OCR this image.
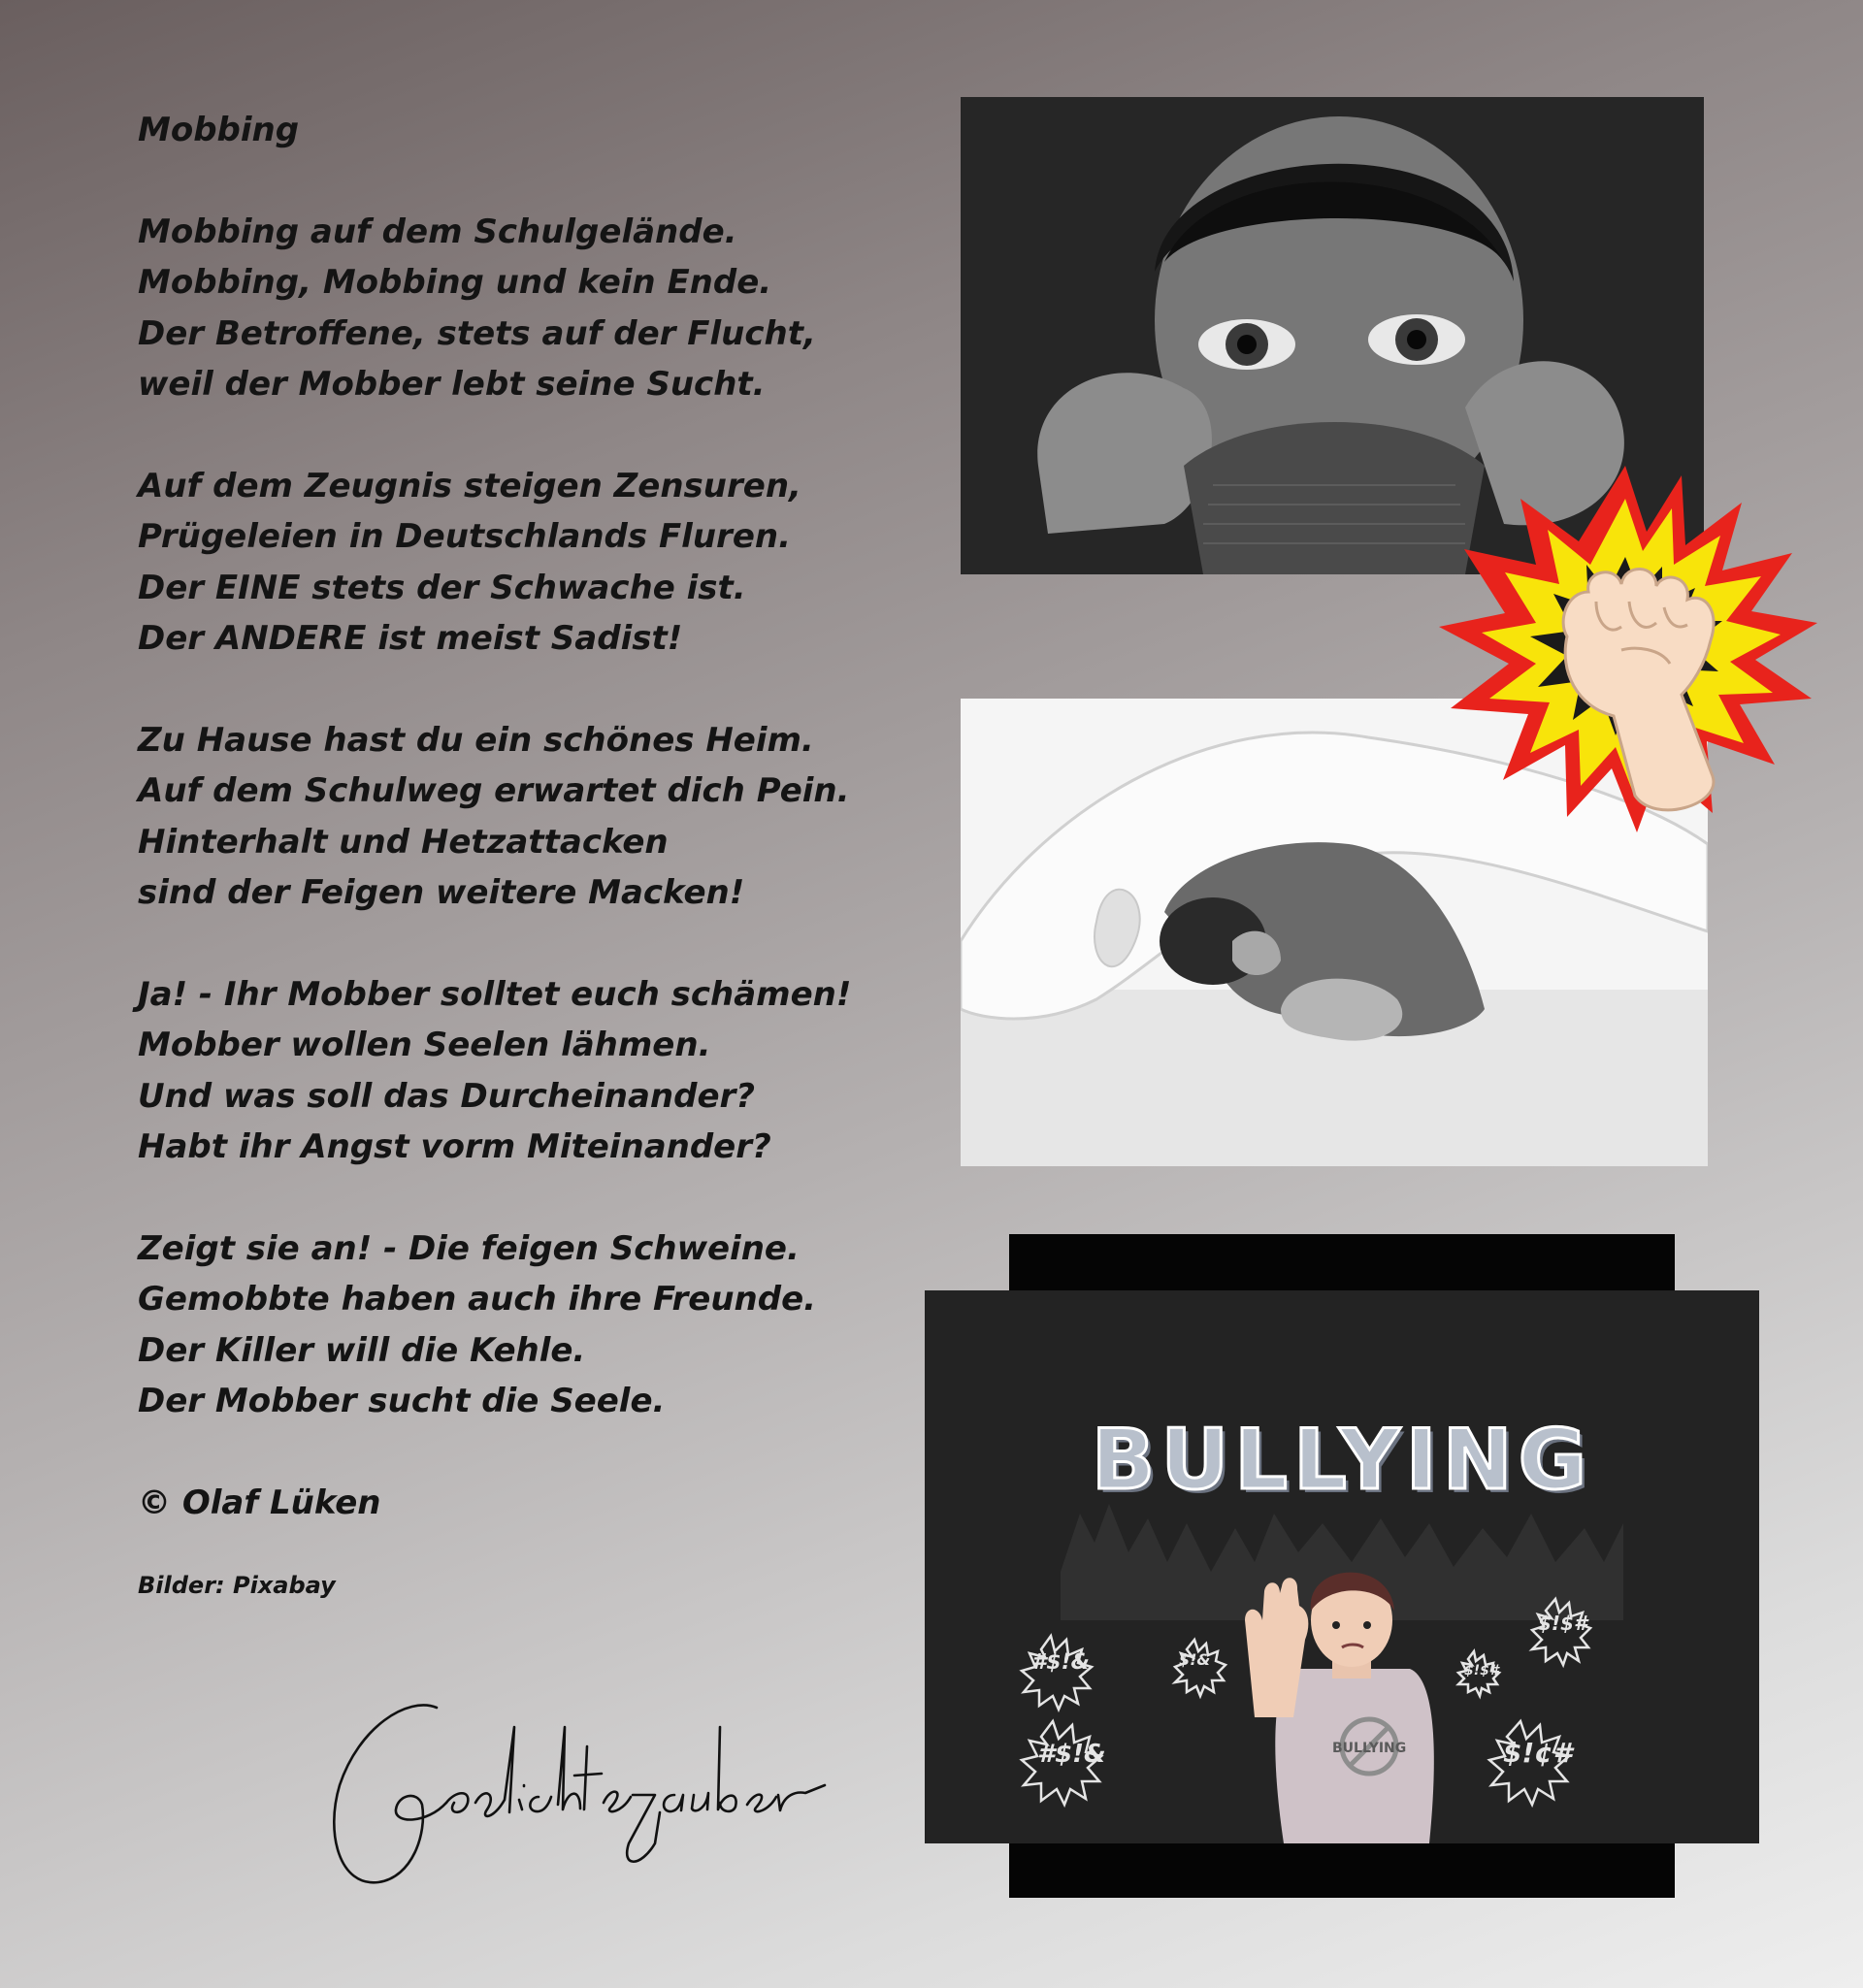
Mobbing
Mobbing auf dem Schulgelände.
Mobbing, Mobbing und kein Ende.
Der Betroffene, stets auf der Flucht,
weil der Mobber lebt seine Sucht.
Auf dem Zeugnis steigen Zensuren,
Prügeleien in Deutschlands Fluren.
Der EINE stets der Schwache ist.
Der ANDERE ist meist Sadist!
Zu Hause hast du ein schönes Heim.
Auf dem Schulweg erwartet dich Pein.
Hinterhalt und Hetzattacken
sind der Feigen weitere Macken!
Ja! - Ihr Mobber solltet euch schämen!
Mobber wollen Seelen lähmen.
Und was soll das Durcheinander?
Habt ihr Angst vorm Miteinander?
Zeigt sie an! - Die feigen Schweine.
Gemobbte haben auch ihre Freunde.
Der Killer will die Kehle.
Der Mobber sucht die Seele.
© Olaf Lüken
Bilder: Pixabay
#$!&	$!&
#$!&
$!$#
$!$#
$!¢#
BULLYING
BULLYING
